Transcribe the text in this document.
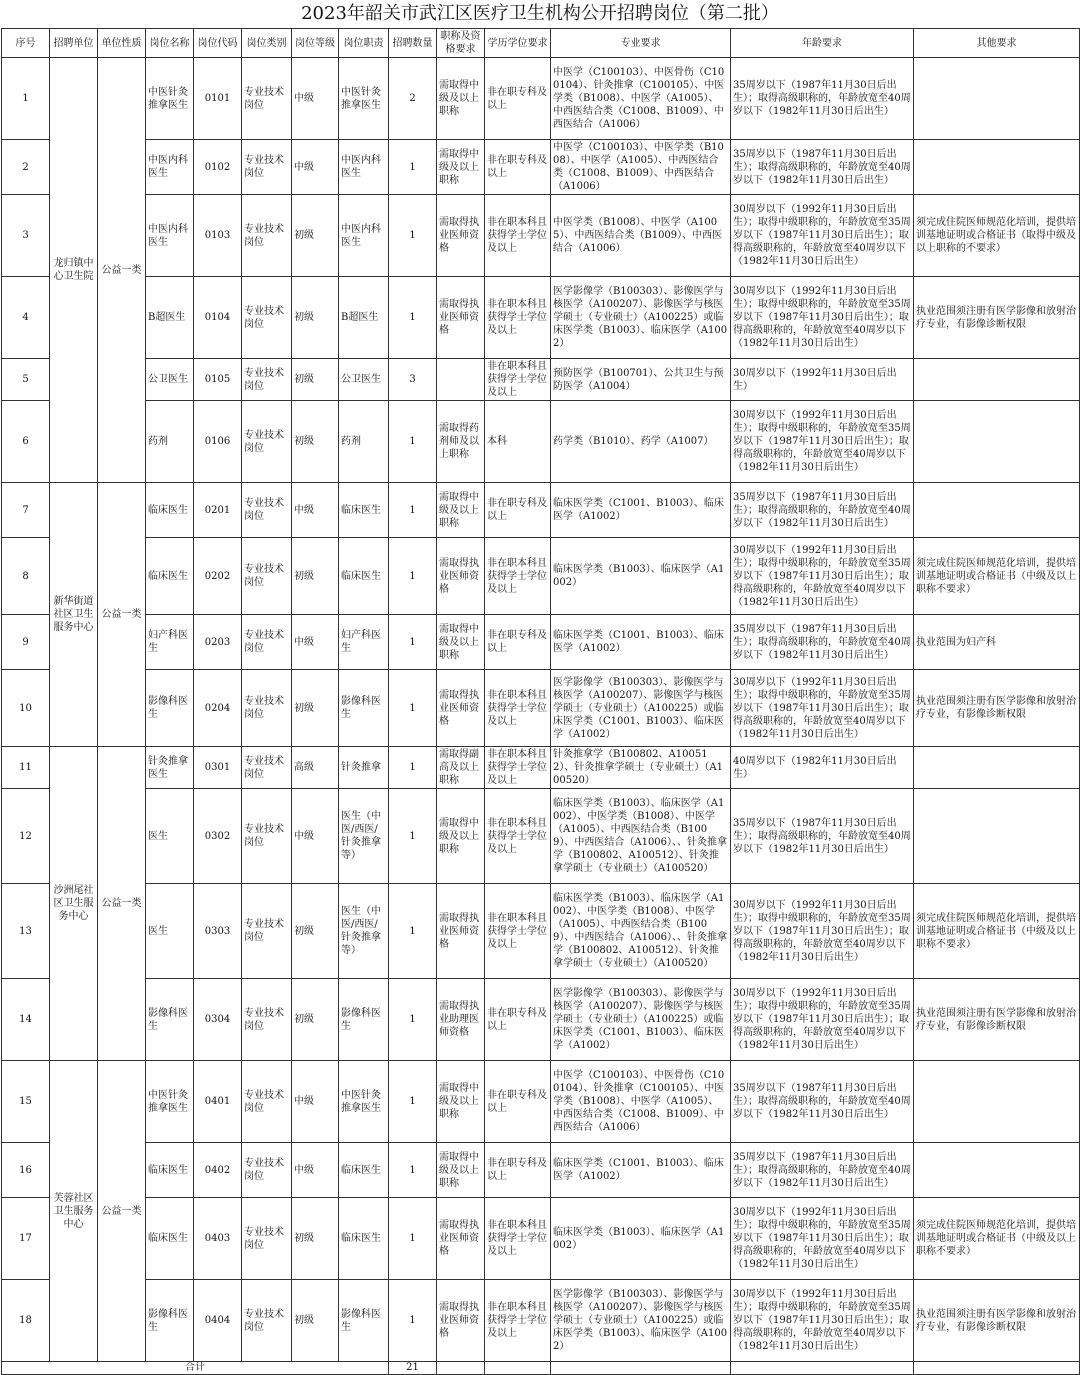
2023年韶关市武江区医疗卫生机构公开招聘岗位（第二批）
序号	招聘单位	单位性质	岗位名称	岗位代码	岗位类别	岗位等级	岗位职责	招聘数量	职称及资格要求	学历学位要求	专业要求	年龄要求	其他要求
1	龙归镇中心卫生院	公益一类	中医针灸推拿医生	0101	专业技术岗位	中级	中医针灸推拿医生	2	需取得中级及以上职称	非在职专科及以上	中医学（C100103）、中医骨伤（C100104）、针灸推拿（C100105）、中医学类（B1008）、中医学（A1005）、中西医结合类（C1008、B1009）、中西医结合（A1006）	35周岁以下（1987年11月30日后出生）；取得高级职称的，年龄放宽至40周岁以下（1982年11月30日后出生）	
2			中医内科医生	0102	专业技术岗位	中级	中医内科医生	1	需取得中级及以上职称	非在职专科及以上	中医学（C100103）、中医学类（B1008）、中医学（A1005）、中西医结合类（C1008、B1009）、中西医结合（A1006）	35周岁以下（1987年11月30日后出生）；取得高级职称的，年龄放宽至40周岁以下（1982年11月30日后出生）	
3			中医内科医生	0103	专业技术岗位	初级	中医内科医生	1	需取得执业医师资格	非在职本科且获得学士学位及以上	中医学类（B1008）、中医学（A1005）、中西医结合类（B1009）、中西医结合（A1006）	30周岁以下（1992年11月30日后出生）；取得中级职称的，年龄放宽至35周岁以下（1987年11月30日后出生）；取得高级职称的，年龄放宽至40周岁以下（1982年11月30日后出生）	须完成住院医师规范化培训，提供培训基地证明或合格证书（取得中级及以上职称的不要求）
4			B超医生	0104	专业技术岗位	初级	B超医生	1	需取得执业医师资格	非在职本科且获得学士学位及以上	医学影像学（B100303）、影像医学与核医学（A100207）、影像医学与核医学硕士（专业硕士）（A100225）或临床医学类（B1003）、临床医学（A1002）	30周岁以下（1992年11月30日后出生）；取得中级职称的，年龄放宽至35周岁以下（1987年11月30日后出生）；取得高级职称的，年龄放宽至40周岁以下（1982年11月30日后出生）	执业范围须注册有医学影像和放射治疗专业，有影像诊断权限
5			公卫医生	0105	专业技术岗位	初级	公卫医生	3		非在职本科且获得学士学位及以上	预防医学（B100701）、公共卫生与预防医学（A1004）	30周岁以下（1992年11月30日后出生）	
6			药剂	0106	专业技术岗位	初级	药剂	1	需取得药剂师及以上职称	本科	药学类（B1010）、药学（A1007）	30周岁以下（1992年11月30日后出生）；取得中级职称的，年龄放宽至35周岁以下（1987年11月30日后出生）；取得高级职称的，年龄放宽至40周岁以下（1982年11月30日后出生）	
7	新华街道社区卫生服务中心	公益一类	临床医生	0201	专业技术岗位	中级	临床医生	1	需取得中级及以上职称	非在职专科及以上	临床医学类（C1001、B1003）、临床医学（A1002）	35周岁以下（1987年11月30日后出生）；取得高级职称的，年龄放宽至40周岁以下（1982年11月30日后出生）	
8			临床医生	0202	专业技术岗位	初级	临床医生	1	需取得执业医师资格	非在职本科且获得学士学位及以上	临床医学类（B1003）、临床医学（A1002）	30周岁以下（1992年11月30日后出生）；取得中级职称的，年龄放宽至35周岁以下（1987年11月30日后出生）；取得高级职称的，年龄放宽至40周岁以下（1982年11月30日后出生）	须完成住院医师规范化培训，提供培训基地证明或合格证书（中级及以上职称不要求）
9			妇产科医生	0203	专业技术岗位	中级	妇产科医生	1	需取得中级及以上职称	非在职专科及以上	临床医学类（C1001、B1003）、临床医学（A1002）	35周岁以下（1987年11月30日后出生）；取得高级职称的，年龄放宽至40周岁以下（1982年11月30日后出生）	执业范围为妇产科
10			影像科医生	0204	专业技术岗位	初级	影像科医生	1	需取得执业医师资格	非在职本科且获得学士学位及以上	医学影像学（B100303）、影像医学与核医学（A100207）、影像医学与核医学硕士（专业硕士）（A100225）或临床医学类（C1001、B1003）、临床医学（A1002）	30周岁以下（1992年11月30日后出生）；取得中级职称的，年龄放宽至35周岁以下（1987年11月30日后出生）；取得高级职称的，年龄放宽至40周岁以下（1982年11月30日后出生）	执业范围须注册有医学影像和放射治疗专业，有影像诊断权限
11	沙洲尾社区卫生服务中心	公益一类	针灸推拿医生	0301	专业技术岗位	高级	针灸推拿	1	需取得副高及以上职称	非在职本科且获得学士学位及以上	针灸推拿学（B100802、A100512）、针灸推拿学硕士（专业硕士）（A100520）	40周岁以下（1982年11月30日后出生）	
12			医生	0302	专业技术岗位	中级	医生（中医/西医/针灸推拿等）	1	需取得中级及以上职称	非在职本科且获得学士学位及以上	临床医学类（B1003）、临床医学（A1002）、中医学类（B1008）、中医学（A1005）、中西医结合类（B1009）、中西医结合（A1006）、、针灸推拿学（B100802、A100512）、针灸推拿学硕士（专业硕士）（A100520）	35周岁以下（1987年11月30日后出生）；取得高级职称的，年龄放宽至40周岁以下（1982年11月30日后出生）	
13			医生	0303	专业技术岗位	初级	医生（中医/西医/针灸推拿等）	1	需取得执业医师资格	非在职本科且获得学士学位及以上	临床医学类（B1003）、临床医学（A1002）、中医学类（B1008）、中医学（A1005）、中西医结合类（B1009）、中西医结合（A1006）、、针灸推拿学（B100802、A100512）、针灸推拿学硕士（专业硕士）（A100520）	30周岁以下（1992年11月30日后出生）；取得中级职称的，年龄放宽至35周岁以下（1987年11月30日后出生）；取得高级职称的，年龄放宽至40周岁以下（1982年11月30日后出生）	须完成住院医师规范化培训，提供培训基地证明或合格证书（中级及以上职称不要求）
14			影像科医生	0304	专业技术岗位	初级	影像科医生	1	需取得执业助理医师资格	非在职专科及以上	医学影像学（B100303）、影像医学与核医学（A100207）、影像医学与核医学硕士（专业硕士）（A100225）或临床医学类（C1001、B1003）、临床医学（A1002）	30周岁以下（1992年11月30日后出生）；取得中级职称的，年龄放宽至35周岁以下（1987年11月30日后出生）；取得高级职称的，年龄放宽至40周岁以下（1982年11月30日后出生）	执业范围须注册有医学影像和放射治疗专业，有影像诊断权限
15	芙蓉社区卫生服务中心	公益一类	中医针灸推拿医生	0401	专业技术岗位	中级	中医针灸推拿医生	1	需取得中级及以上职称	非在职专科及以上	中医学（C100103）、中医骨伤（C100104）、针灸推拿（C100105）、中医学类（B1008）、中医学（A1005）、中西医结合类（C1008、B1009）、中西医结合（A1006）	35周岁以下（1987年11月30日后出生）；取得高级职称的，年龄放宽至40周岁以下（1982年11月30日后出生）	
16			临床医生	0402	专业技术岗位	中级	临床医生	1	需取得中级及以上职称	非在职专科及以上	临床医学类（C1001、B1003）、临床医学（A1002）	35周岁以下（1987年11月30日后出生）；取得高级职称的，年龄放宽至40周岁以下（1982年11月30日后出生）	
17			临床医生	0403	专业技术岗位	初级	临床医生	1	需取得执业医师资格	非在职本科且获得学士学位及以上	临床医学类（B1003）、临床医学（A1002）	30周岁以下（1992年11月30日后出生）；取得中级职称的，年龄放宽至35周岁以下（1987年11月30日后出生）；取得高级职称的，年龄放宽至40周岁以下（1982年11月30日后出生）	须完成住院医师规范化培训，提供培训基地证明或合格证书（中级及以上职称不要求）
18			影像科医生	0404	专业技术岗位	初级	影像科医生	1	需取得执业医师资格	非在职本科且获得学士学位及以上	医学影像学（B100303）、影像医学与核医学（A100207）、影像医学与核医学硕士（专业硕士）（A100225）或临床医学类（B1003）、临床医学（A1002）	30周岁以下（1992年11月30日后出生）；取得中级职称的，年龄放宽至35周岁以下（1987年11月30日后出生）；取得高级职称的，年龄放宽至40周岁以下（1982年11月30日后出生）	执业范围须注册有医学影像和放射治疗专业，有影像诊断权限
合计								21					
